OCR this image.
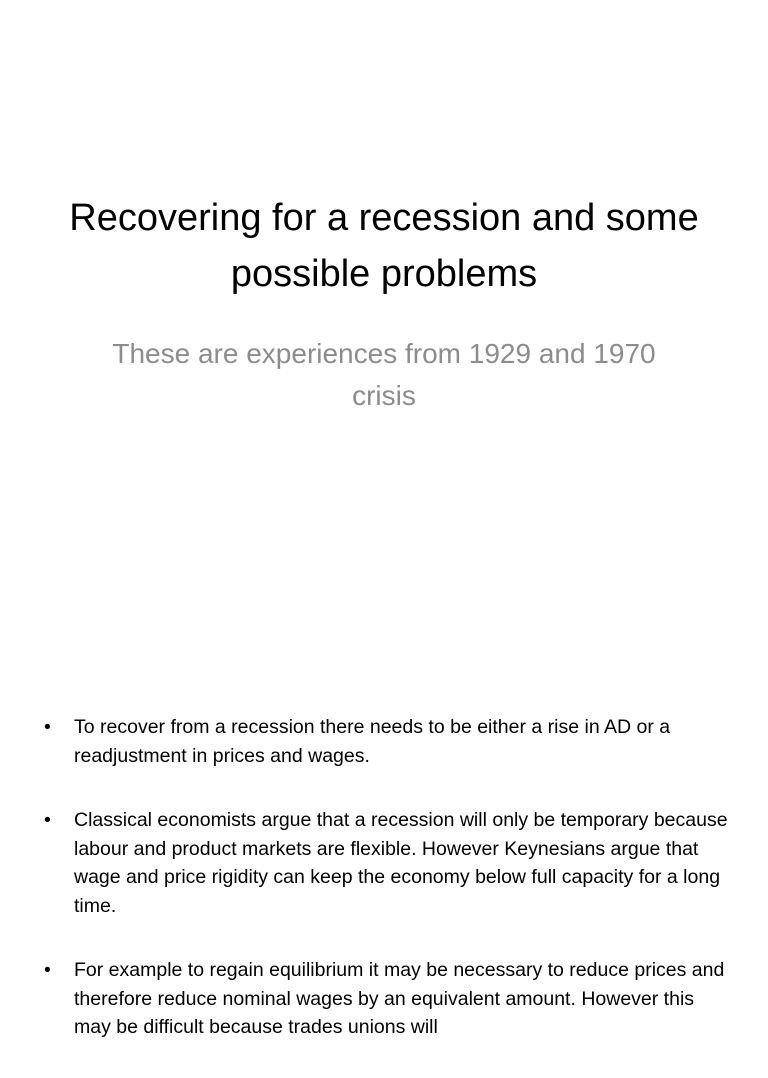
Recovering for a recession and some possible problems

These are experiences from 1929 and 1970 crisis

• To recover from a recession there needs to be either a rise in AD or a readjustment in prices and wages.
• Classical economists argue that a recession will only be temporary because labour and product markets are flexible. However Keynesians argue that wage and price rigidity can keep the economy below full capacity for a long time.
• For example to regain equilibrium it may be necessary to reduce prices and therefore reduce nominal wages by an equivalent amount. However this may be difficult because trades unions will
